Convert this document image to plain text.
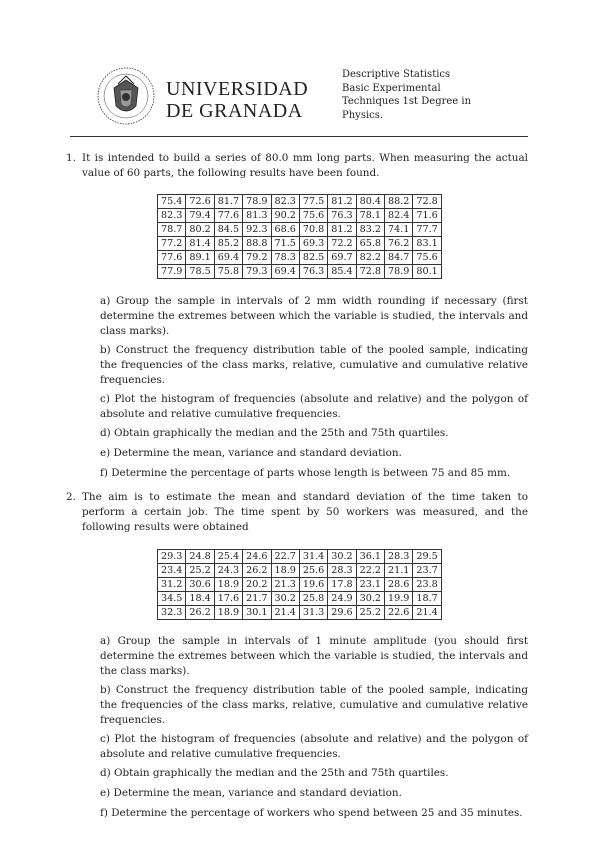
UNIVERSIDAD
DE GRANADA
Descriptive Statistics
Basic Experimental
Techniques 1st Degree in
Physics.
1. It is intended to build a series of 80.0 mm long parts. When measuring the actual value of 60 parts, the following results have been found.
75.4	72.6	81.7	78.9	82.3	77.5	81.2	80.4	88.2	72.8
82.3	79.4	77.6	81.3	90.2	75.6	76.3	78.1	82.4	71.6
78.7	80.2	84.5	92.3	68.6	70.8	81.2	83.2	74.1	77.7
77.2	81.4	85.2	88.8	71.5	69.3	72.2	65.8	76.2	83.1
77.6	89.1	69.4	79.2	78.3	82.5	69.7	82.2	84.7	75.6
77.9	78.5	75.8	79.3	69.4	76.3	85.4	72.8	78.9	80.1
a) Group the sample in intervals of 2 mm width rounding if necessary (first determine the extremes between which the variable is studied, the intervals and class marks).
b) Construct the frequency distribution table of the pooled sample, indicating the frequencies of the class marks, relative, cumulative and cumulative relative frequencies.
c) Plot the histogram of frequencies (absolute and relative) and the polygon of absolute and relative cumulative frequencies.
d) Obtain graphically the median and the 25th and 75th quartiles.
e) Determine the mean, variance and standard deviation.
f) Determine the percentage of parts whose length is between 75 and 85 mm.
2. The aim is to estimate the mean and standard deviation of the time taken to perform a certain job. The time spent by 50 workers was measured, and the following results were obtained
29.3	24.8	25.4	24.6	22.7	31.4	30.2	36.1	28.3	29.5
23.4	25.2	24.3	26.2	18.9	25.6	28.3	22.2	21.1	23.7
31.2	30.6	18.9	20.2	21.3	19.6	17.8	23.1	28.6	23.8
34.5	18.4	17.6	21.7	30.2	25.8	24.9	30.2	19.9	18.7
32.3	26.2	18.9	30.1	21.4	31.3	29.6	25.2	22.6	21.4
a) Group the sample in intervals of 1 minute amplitude (you should first determine the extremes between which the variable is studied, the intervals and the class marks).
b) Construct the frequency distribution table of the pooled sample, indicating the frequencies of the class marks, relative, cumulative and cumulative relative frequencies.
c) Plot the histogram of frequencies (absolute and relative) and the polygon of absolute and relative cumulative frequencies.
d) Obtain graphically the median and the 25th and 75th quartiles.
e) Determine the mean, variance and standard deviation.
f) Determine the percentage of workers who spend between 25 and 35 minutes.
